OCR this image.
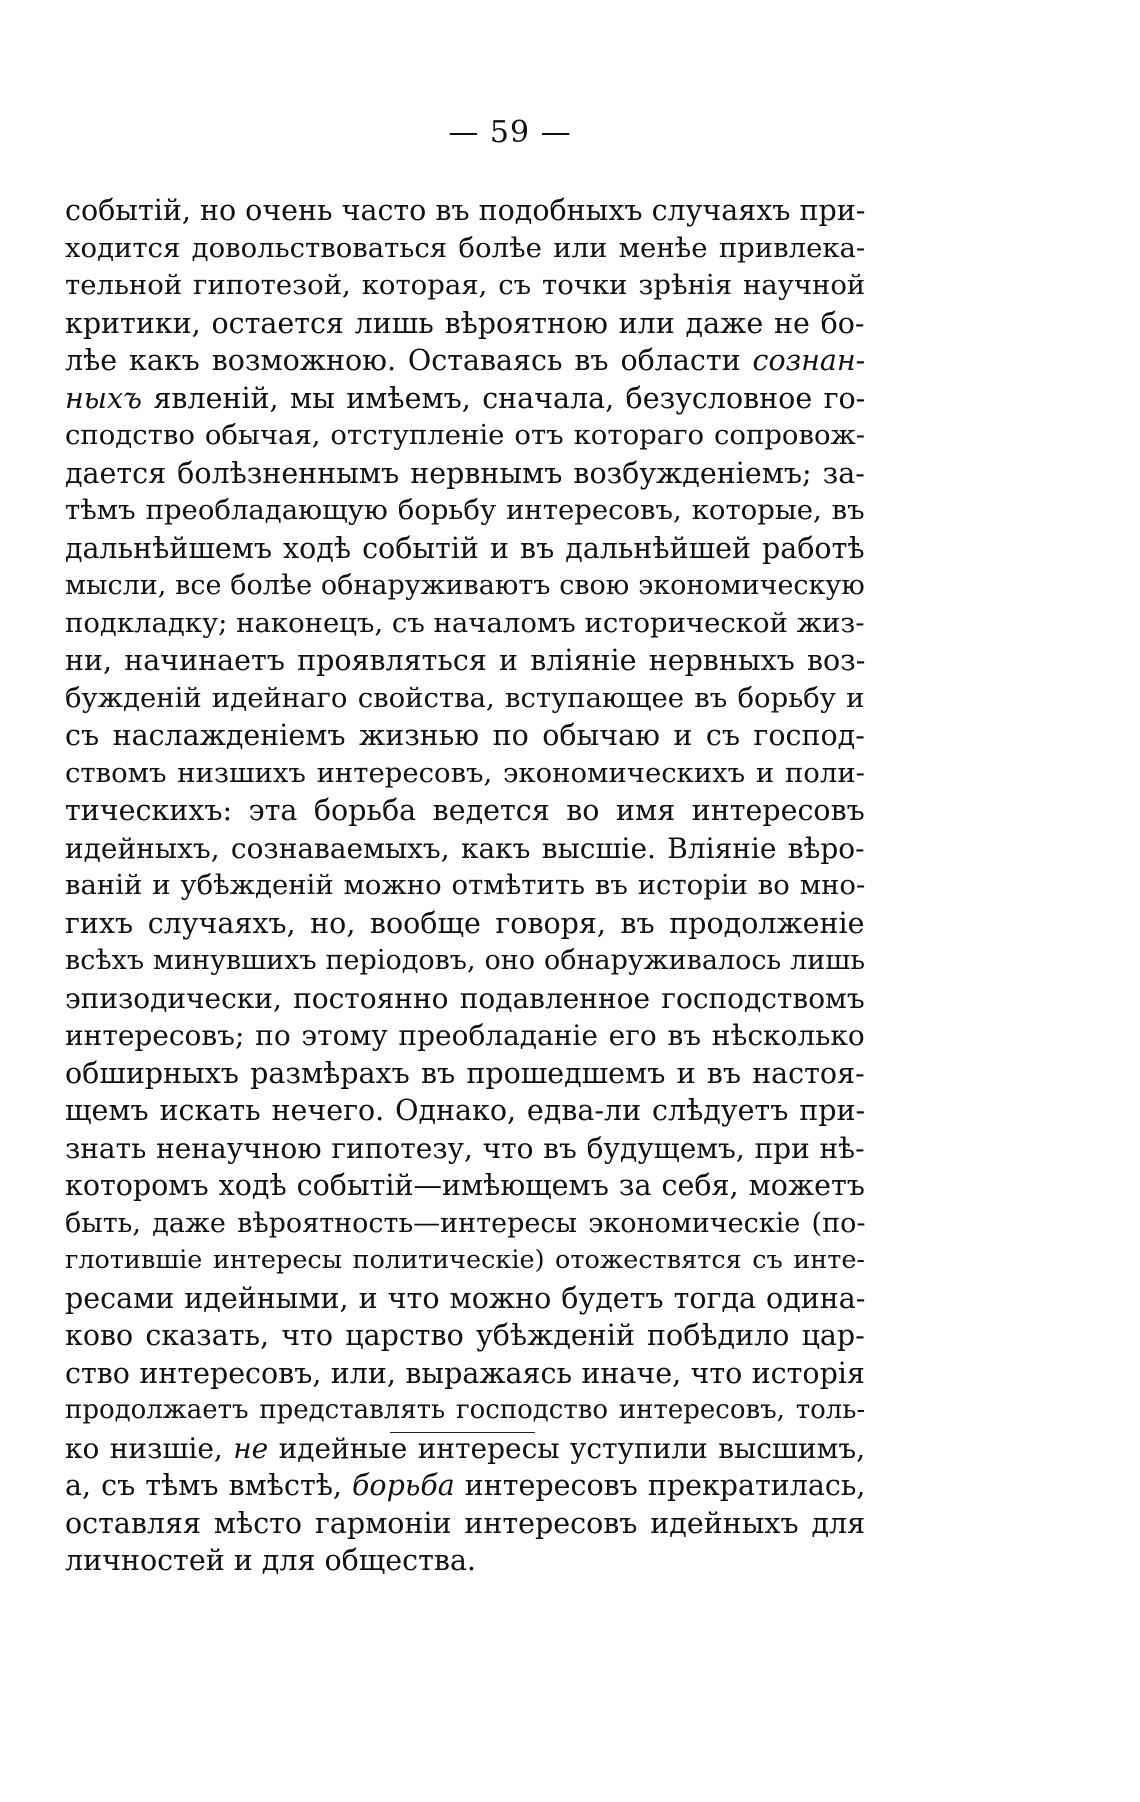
— 59 —
событій, но очень часто въ подобныхъ случаяхъ при-
ходится довольствоваться болѣе или менѣе привлека-
тельной гипотезой, которая, съ точки зрѣнія научной
критики, остается лишь вѣроятною или даже не бо-
лѣе какъ возможною. Оставаясь въ области сознан-
ныхъ явленій, мы имѣемъ, сначала, безусловное го-
сподство обычая, отступленіе отъ котораго сопровож-
дается болѣзненнымъ нервнымъ возбужденіемъ; за-
тѣмъ преобладающую борьбу интересовъ, которые, въ
дальнѣйшемъ ходѣ событій и въ дальнѣйшей работѣ
мысли, все болѣе обнаруживаютъ свою экономическую
подкладку; наконецъ, съ началомъ исторической жиз-
ни, начинаетъ проявляться и вліяніе нервныхъ воз-
бужденій идейнаго свойства, вступающее въ борьбу и
съ наслажденіемъ жизнью по обычаю и съ господ-
ствомъ низшихъ интересовъ, экономическихъ и поли-
тическихъ: эта борьба ведется во имя интересовъ
идейныхъ, сознаваемыхъ, какъ высшіе. Вліяніе вѣро-
ваній и убѣжденій можно отмѣтить въ исторіи во мно-
гихъ случаяхъ, но, вообще говоря, въ продолженіе
всѣхъ минувшихъ періодовъ, оно обнаруживалось лишь
эпизодически, постоянно подавленное господствомъ
интересовъ; по этому преобладаніе его въ нѣсколько
обширныхъ размѣрахъ въ прошедшемъ и въ настоя-
щемъ искать нечего. Однако, едва-ли слѣдуетъ при-
знать ненаучною гипотезу, что въ будущемъ, при нѣ-
которомъ ходѣ событій—имѣющемъ за себя, можетъ
быть, даже вѣроятность—интересы экономическіе (по-
глотившіе интересы политическіе) отожествятся съ инте-
ресами идейными, и что можно будетъ тогда одина-
ково сказать, что царство убѣжденій побѣдило цар-
ство интересовъ, или, выражаясь иначе, что исторія
продолжаетъ представлять господство интересовъ, толь-
ко низшіе, не идейные интересы уступили высшимъ,
а, съ тѣмъ вмѣстѣ, борьба интересовъ прекратилась,
оставляя мѣсто гармоніи интересовъ идейныхъ для
личностей и для общества.
